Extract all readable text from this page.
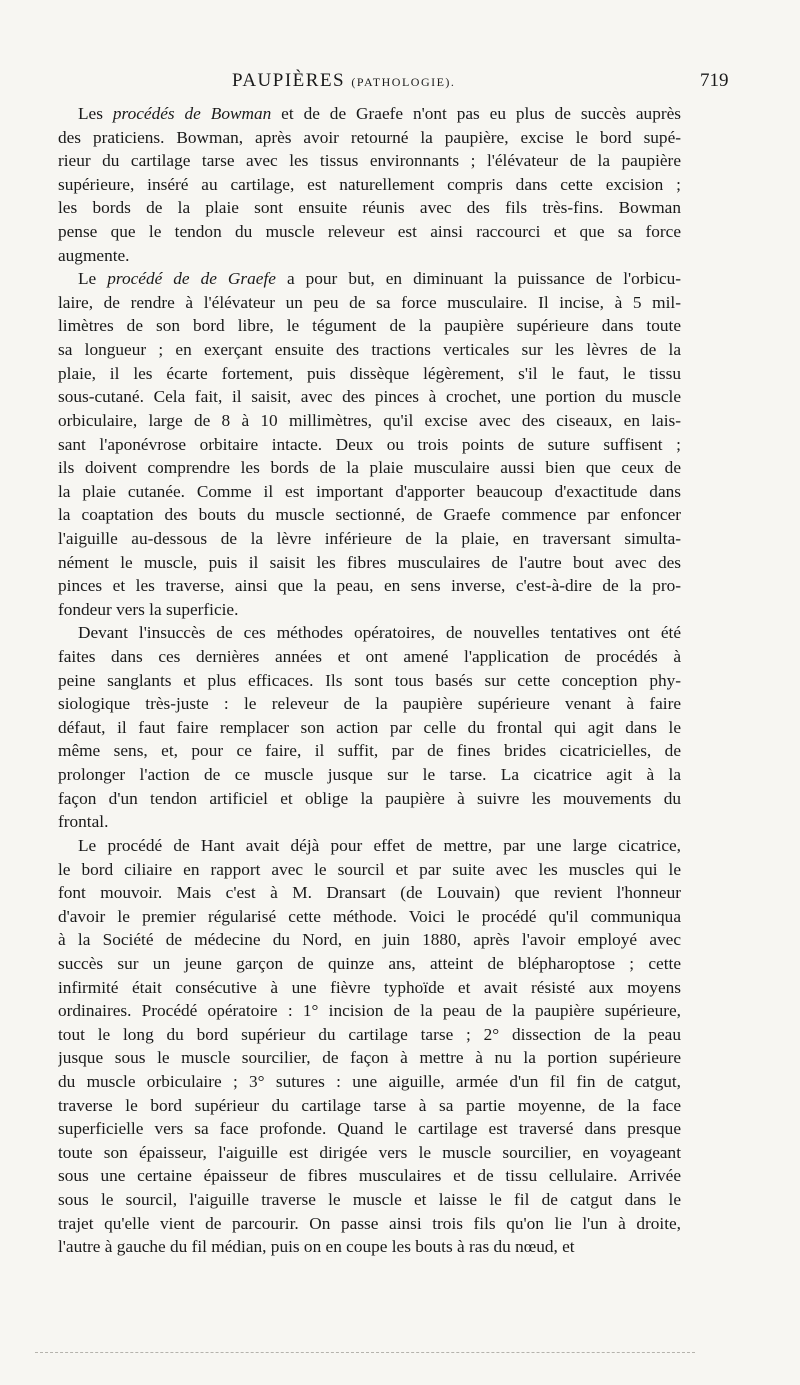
PAUPIÈRES (PATHOLOGIE).	719
Les procédés de Bowman et de de Graefe n'ont pas eu plus de succès auprès
des praticiens. Bowman, après avoir retourné la paupière, excise le bord supé-
rieur du cartilage tarse avec les tissus environnants ; l'élévateur de la paupière
supérieure, inséré au cartilage, est naturellement compris dans cette excision ;
les bords de la plaie sont ensuite réunis avec des fils très-fins. Bowman
pense que le tendon du muscle releveur est ainsi raccourci et que sa force
augmente.
Le procédé de de Graefe a pour but, en diminuant la puissance de l'orbicu-
laire, de rendre à l'élévateur un peu de sa force musculaire. Il incise, à 5 mil-
limètres de son bord libre, le tégument de la paupière supérieure dans toute
sa longueur ; en exerçant ensuite des tractions verticales sur les lèvres de la
plaie, il les écarte fortement, puis dissèque légèrement, s'il le faut, le tissu
sous-cutané. Cela fait, il saisit, avec des pinces à crochet, une portion du muscle
orbiculaire, large de 8 à 10 millimètres, qu'il excise avec des ciseaux, en lais-
sant l'aponévrose orbitaire intacte. Deux ou trois points de suture suffisent ;
ils doivent comprendre les bords de la plaie musculaire aussi bien que ceux de
la plaie cutanée. Comme il est important d'apporter beaucoup d'exactitude dans
la coaptation des bouts du muscle sectionné, de Graefe commence par enfoncer
l'aiguille au-dessous de la lèvre inférieure de la plaie, en traversant simulta-
nément le muscle, puis il saisit les fibres musculaires de l'autre bout avec des
pinces et les traverse, ainsi que la peau, en sens inverse, c'est-à-dire de la pro-
fondeur vers la superficie.
Devant l'insuccès de ces méthodes opératoires, de nouvelles tentatives ont été
faites dans ces dernières années et ont amené l'application de procédés à
peine sanglants et plus efficaces. Ils sont tous basés sur cette conception phy-
siologique très-juste : le releveur de la paupière supérieure venant à faire
défaut, il faut faire remplacer son action par celle du frontal qui agit dans le
même sens, et, pour ce faire, il suffit, par de fines brides cicatricielles, de
prolonger l'action de ce muscle jusque sur le tarse. La cicatrice agit à la
façon d'un tendon artificiel et oblige la paupière à suivre les mouvements du
frontal.
Le procédé de Hant avait déjà pour effet de mettre, par une large cicatrice,
le bord ciliaire en rapport avec le sourcil et par suite avec les muscles qui le
font mouvoir. Mais c'est à M. Dransart (de Louvain) que revient l'honneur
d'avoir le premier régularisé cette méthode. Voici le procédé qu'il communiqua
à la Société de médecine du Nord, en juin 1880, après l'avoir employé avec
succès sur un jeune garçon de quinze ans, atteint de blépharoptose ; cette
infirmité était consécutive à une fièvre typhoïde et avait résisté aux moyens
ordinaires. Procédé opératoire : 1° incision de la peau de la paupière supérieure,
tout le long du bord supérieur du cartilage tarse ; 2° dissection de la peau
jusque sous le muscle sourcilier, de façon à mettre à nu la portion supérieure
du muscle orbiculaire ; 3° sutures : une aiguille, armée d'un fil fin de catgut,
traverse le bord supérieur du cartilage tarse à sa partie moyenne, de la face
superficielle vers sa face profonde. Quand le cartilage est traversé dans presque
toute son épaisseur, l'aiguille est dirigée vers le muscle sourcilier, en voyageant
sous une certaine épaisseur de fibres musculaires et de tissu cellulaire. Arrivée
sous le sourcil, l'aiguille traverse le muscle et laisse le fil de catgut dans le
trajet qu'elle vient de parcourir. On passe ainsi trois fils qu'on lie l'un à droite,
l'autre à gauche du fil médian, puis on en coupe les bouts à ras du nœud, et
